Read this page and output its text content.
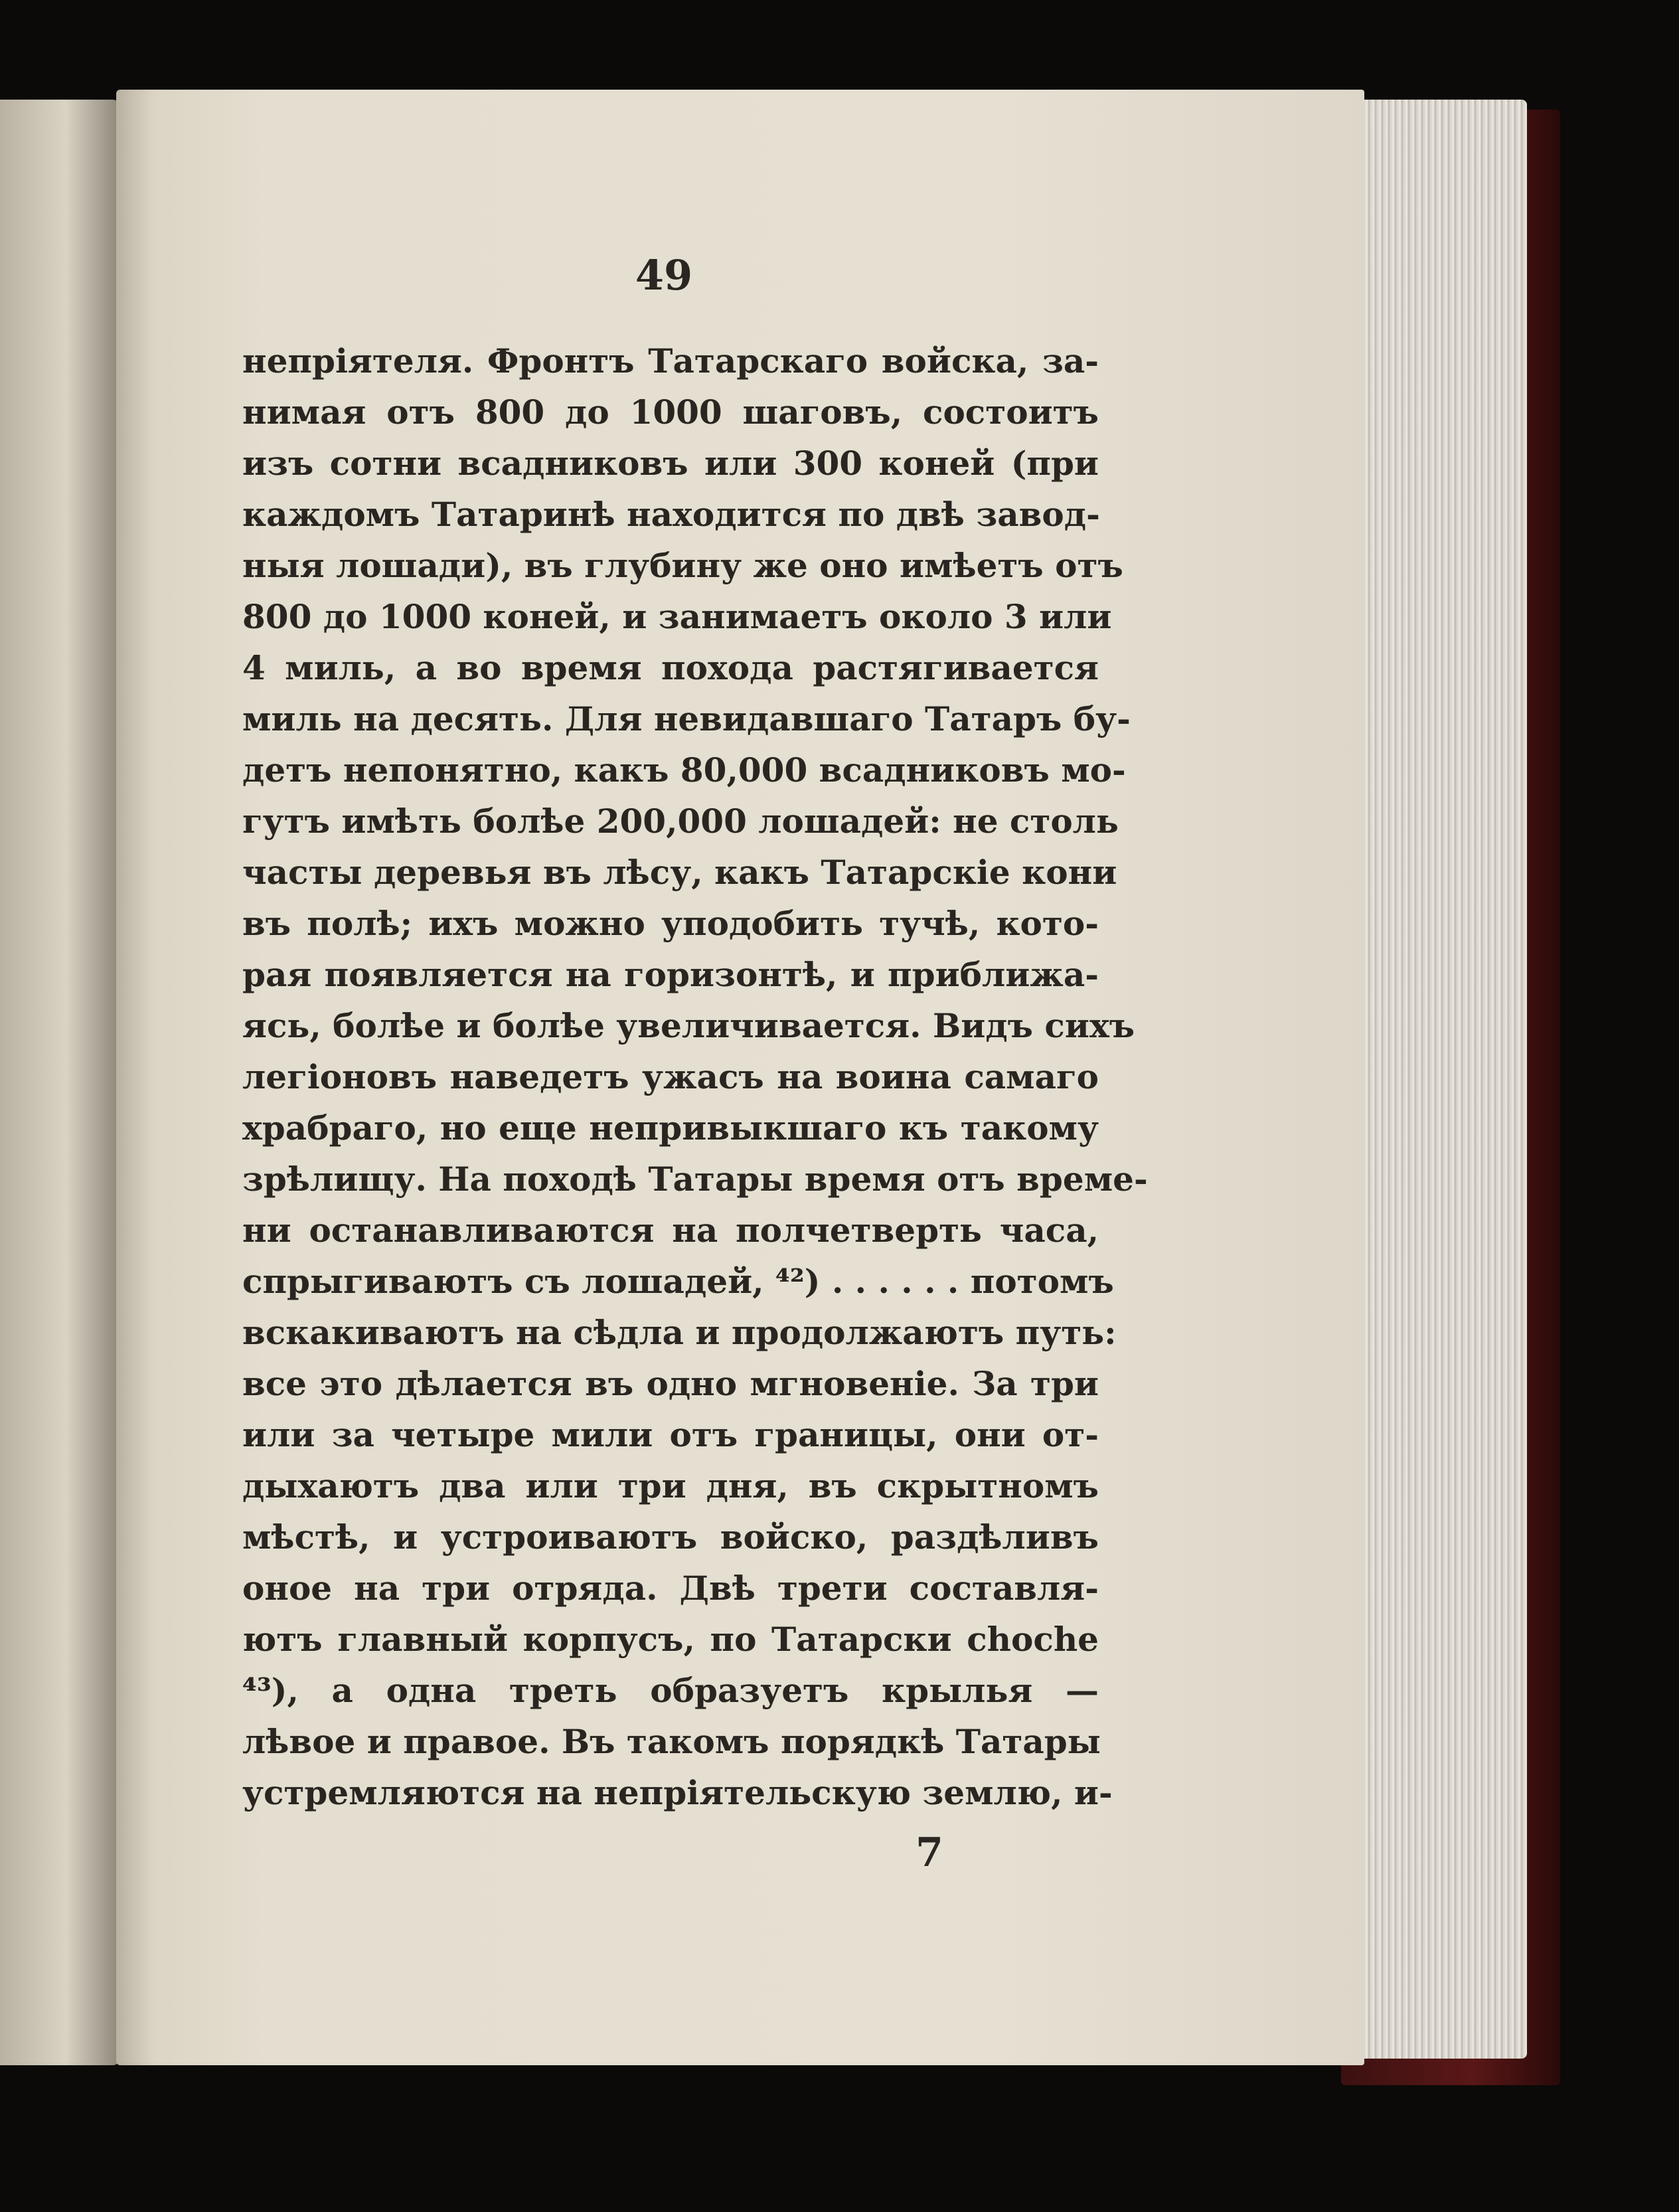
49
непріятеля. Фронтъ Татарскаго войска, за-
нимая отъ 800 до 1000 шаговъ, состоитъ
изъ сотни всадниковъ или 300 коней (при
каждомъ Татаринѣ находится по двѣ завод-
ныя лошади), въ глубину же оно имѣетъ отъ
800 до 1000 коней, и занимаетъ около 3 или
4 миль, а во время похода растягивается
миль на десять. Для невидавшаго Татаръ бу-
детъ непонятно, какъ 80,000 всадниковъ мо-
гутъ имѣть болѣе 200,000 лошадей: не столь
часты деревья въ лѣсу, какъ Татарскіе кони
въ полѣ; ихъ можно уподобить тучѣ, кото-
рая появляется на горизонтѣ, и приближа-
ясь, болѣе и болѣе увеличивается. Видъ сихъ
легіоновъ наведетъ ужасъ на воина самаго
храбраго, но еще непривыкшаго къ такому
зрѣлищу. На походѣ Татары время отъ време-
ни останавливаются на полчетверть часа,
спрыгиваютъ съ лошадей, ⁴²) . . . . . . потомъ
вскакиваютъ на сѣдла и продолжаютъ путь:
все это дѣлается въ одно мгновеніе. За три
или за четыре мили отъ границы, они от-
дыхаютъ два или три дня, въ скрытномъ
мѣстѣ, и устроиваютъ войско, раздѣливъ
оное на три отряда. Двѣ трети составля-
ютъ главный корпусъ, по Татарски choche
⁴³), а одна треть образуетъ крылья —
лѣвое и правое. Въ такомъ порядкѣ Татары
устремляются на непріятельскую землю, и-
7
